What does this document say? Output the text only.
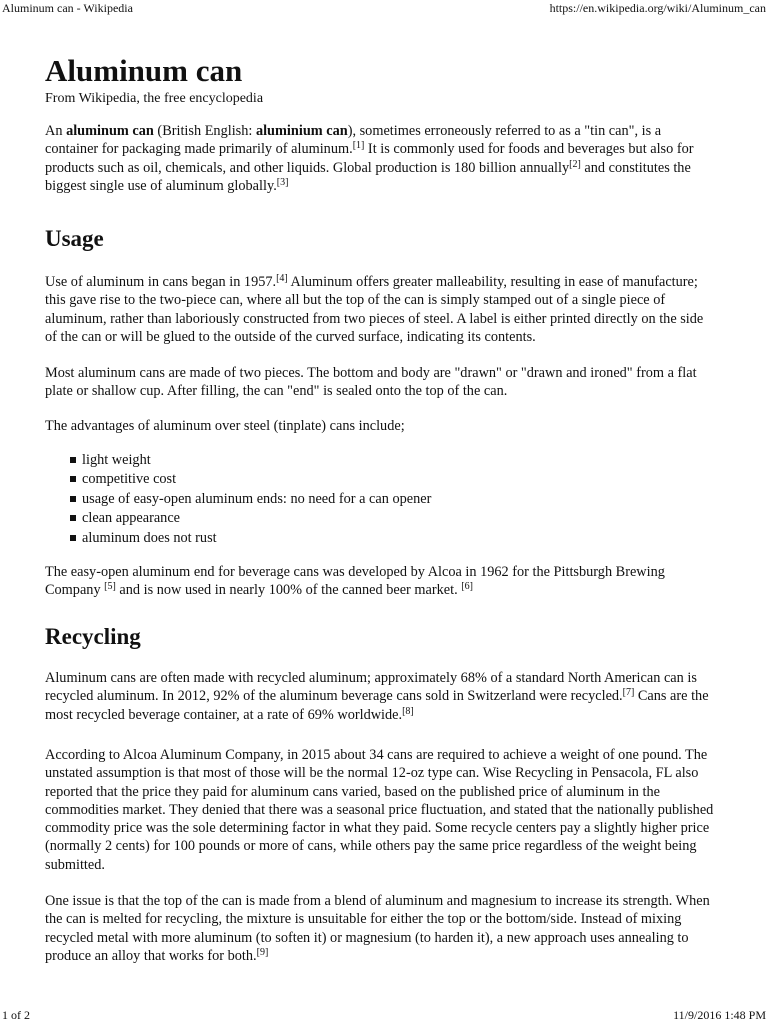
Aluminum can - Wikipedia	https://en.wikipedia.org/wiki/Aluminum_can
Aluminum can
From Wikipedia, the free encyclopedia

An aluminum can (British English: aluminium can), sometimes erroneously referred to as a "tin can", is a container for packaging made primarily of aluminum.[1] It is commonly used for foods and beverages but also for products such as oil, chemicals, and other liquids. Global production is 180 billion annually[2] and constitutes the biggest single use of aluminum globally.[3]

Usage

Use of aluminum in cans began in 1957.[4] Aluminum offers greater malleability, resulting in ease of manufacture; this gave rise to the two-piece can, where all but the top of the can is simply stamped out of a single piece of aluminum, rather than laboriously constructed from two pieces of steel. A label is either printed directly on the side of the can or will be glued to the outside of the curved surface, indicating its contents.

Most aluminum cans are made of two pieces. The bottom and body are "drawn" or "drawn and ironed" from a flat plate or shallow cup. After filling, the can "end" is sealed onto the top of the can.

The advantages of aluminum over steel (tinplate) cans include;

light weight
competitive cost
usage of easy-open aluminum ends: no need for a can opener
clean appearance
aluminum does not rust

The easy-open aluminum end for beverage cans was developed by Alcoa in 1962 for the Pittsburgh Brewing Company [5] and is now used in nearly 100% of the canned beer market. [6]

Recycling

Aluminum cans are often made with recycled aluminum; approximately 68% of a standard North American can is recycled aluminum. In 2012, 92% of the aluminum beverage cans sold in Switzerland were recycled.[7] Cans are the most recycled beverage container, at a rate of 69% worldwide.[8]

According to Alcoa Aluminum Company, in 2015 about 34 cans are required to achieve a weight of one pound. The unstated assumption is that most of those will be the normal 12-oz type can. Wise Recycling in Pensacola, FL also reported that the price they paid for aluminum cans varied, based on the published price of aluminum in the commodities market. They denied that there was a seasonal price fluctuation, and stated that the nationally published commodity price was the sole determining factor in what they paid. Some recycle centers pay a slightly higher price (normally 2 cents) for 100 pounds or more of cans, while others pay the same price regardless of the weight being submitted.

One issue is that the top of the can is made from a blend of aluminum and magnesium to increase its strength. When the can is melted for recycling, the mixture is unsuitable for either the top or the bottom/side. Instead of mixing recycled metal with more aluminum (to soften it) or magnesium (to harden it), a new approach uses annealing to produce an alloy that works for both.[9]

1 of 2	11/9/2016 1:48 PM
